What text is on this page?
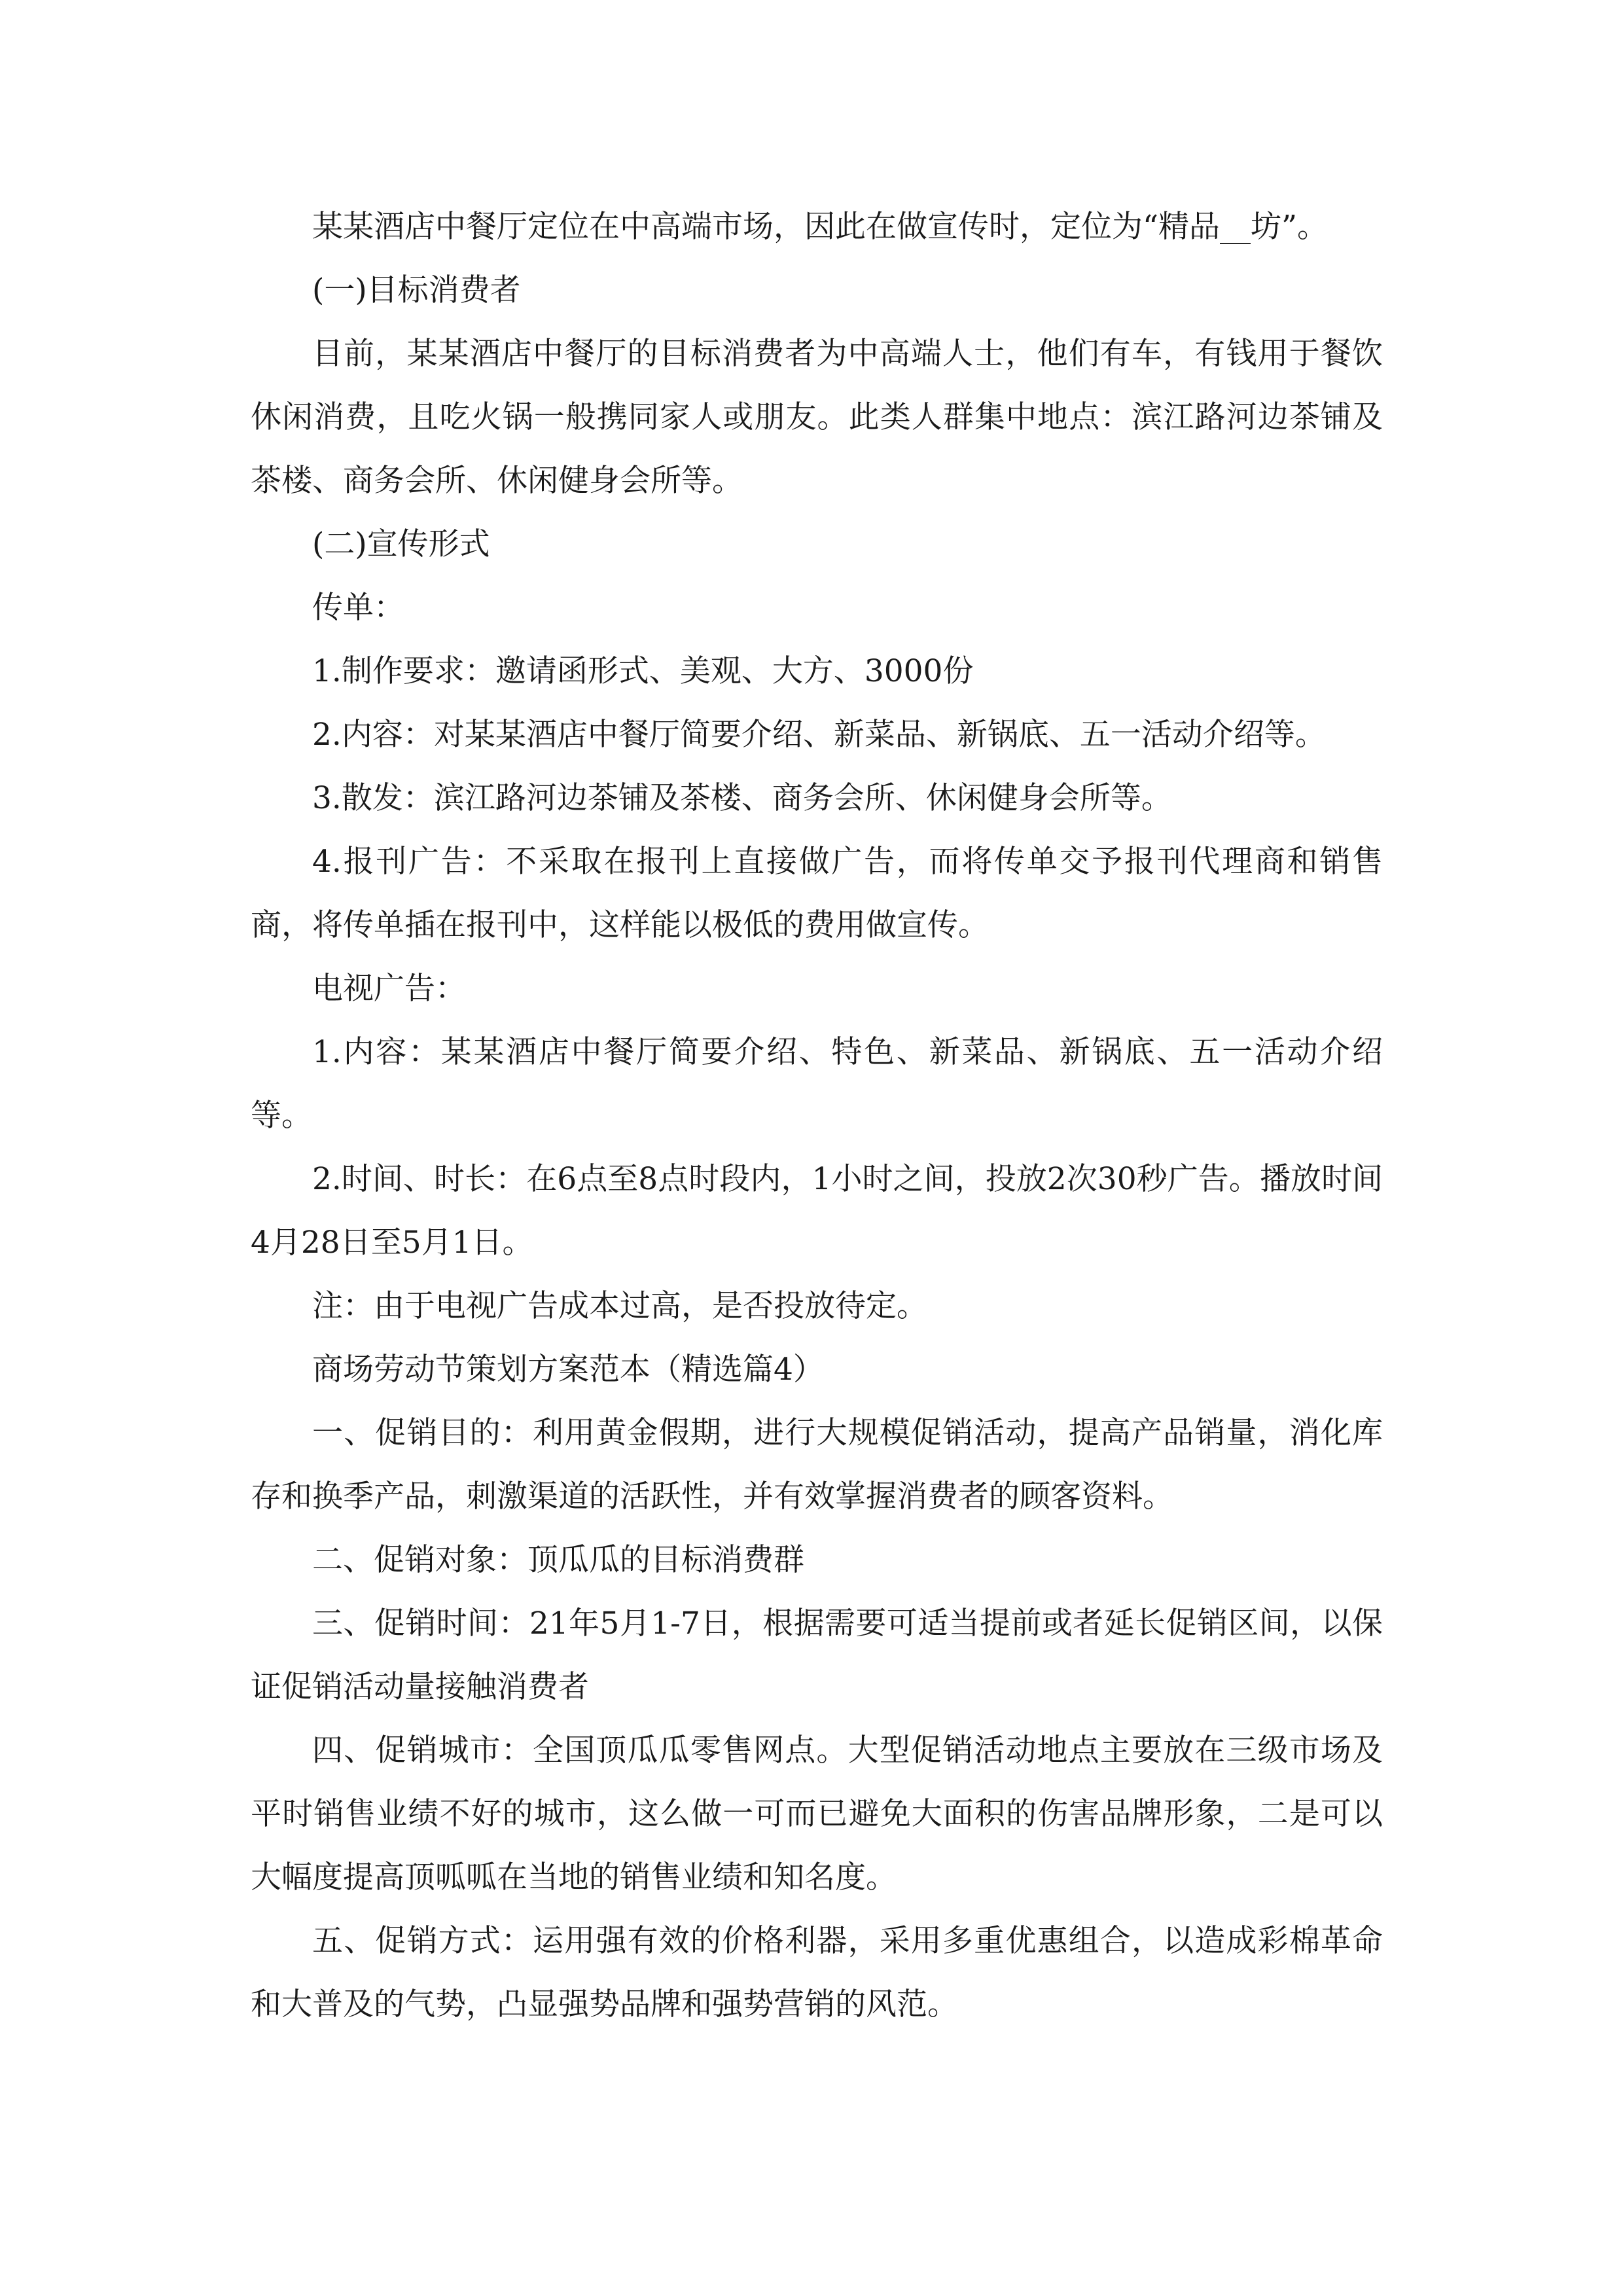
某某酒店中餐厅定位在中高端市场，因此在做宣传时，定位为“精品__坊”。

(一)目标消费者

目前，某某酒店中餐厅的目标消费者为中高端人士，他们有车，有钱用于餐饮休闲消费，且吃火锅一般携同家人或朋友。此类人群集中地点：滨江路河边茶铺及茶楼、商务会所、休闲健身会所等。

(二)宣传形式

传单：

1.制作要求：邀请函形式、美观、大方、3000份

2.内容：对某某酒店中餐厅简要介绍、新菜品、新锅底、五一活动介绍等。

3.散发：滨江路河边茶铺及茶楼、商务会所、休闲健身会所等。

4.报刊广告：不采取在报刊上直接做广告，而将传单交予报刊代理商和销售商，将传单插在报刊中，这样能以极低的费用做宣传。

电视广告：

1.内容：某某酒店中餐厅简要介绍、特色、新菜品、新锅底、五一活动介绍等。

2.时间、时长：在6点至8点时段内，1小时之间，投放2次30秒广告。播放时间4月28日至5月1日。

注：由于电视广告成本过高，是否投放待定。

商场劳动节策划方案范本（精选篇4）

一、促销目的：利用黄金假期，进行大规模促销活动，提高产品销量，消化库存和换季产品，刺激渠道的活跃性，并有效掌握消费者的顾客资料。

二、促销对象：顶瓜瓜的目标消费群

三、促销时间：21年5月1-7日，根据需要可适当提前或者延长促销区间，以保证促销活动量接触消费者

四、促销城市：全国顶瓜瓜零售网点。大型促销活动地点主要放在三级市场及平时销售业绩不好的城市，这么做一可而已避免大面积的伤害品牌形象，二是可以大幅度提高顶呱呱在当地的销售业绩和知名度。

五、促销方式：运用强有效的价格利器，采用多重优惠组合，以造成彩棉革命和大普及的气势，凸显强势品牌和强势营销的风范。
